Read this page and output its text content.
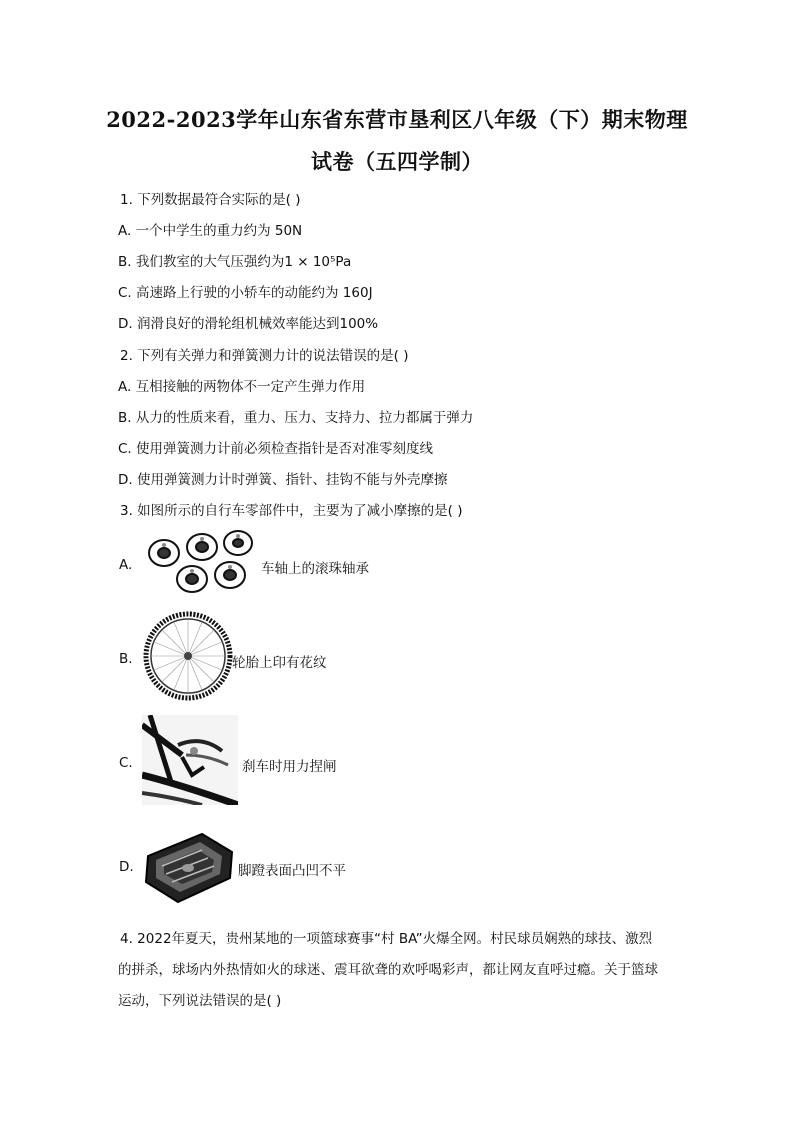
2022-2023学年山东省东营市垦利区八年级（下）期末物理
试卷（五四学制）
1. 下列数据最符合实际的是( )
A. 一个中学生的重力约为 50N
B. 我们教室的大气压强约为1 × 10⁵Pa
C. 高速路上行驶的小轿车的动能约为 160J
D. 润滑良好的滑轮组机械效率能达到100%
2. 下列有关弹力和弹簧测力计的说法错误的是( )
A. 互相接触的两物体不一定产生弹力作用
B. 从力的性质来看，重力、压力、支持力、拉力都属于弹力
C. 使用弹簧测力计前必须检查指针是否对准零刻度线
D. 使用弹簧测力计时弹簧、指针、挂钩不能与外壳摩擦
3. 如图所示的自行车零部件中，主要为了减小摩擦的是( )
A.	车轴上的滚珠轴承
B.	轮胎上印有花纹
C.	刹车时用力捏闸
D.	脚蹬表面凸凹不平
4. 2022年夏天，贵州某地的一项篮球赛事“村 BA”火爆全网。村民球员娴熟的球技、激烈
的拼杀，球场内外热情如火的球迷、震耳欲聋的欢呼喝彩声，都让网友直呼过瘾。关于篮球
运动，下列说法错误的是( )
